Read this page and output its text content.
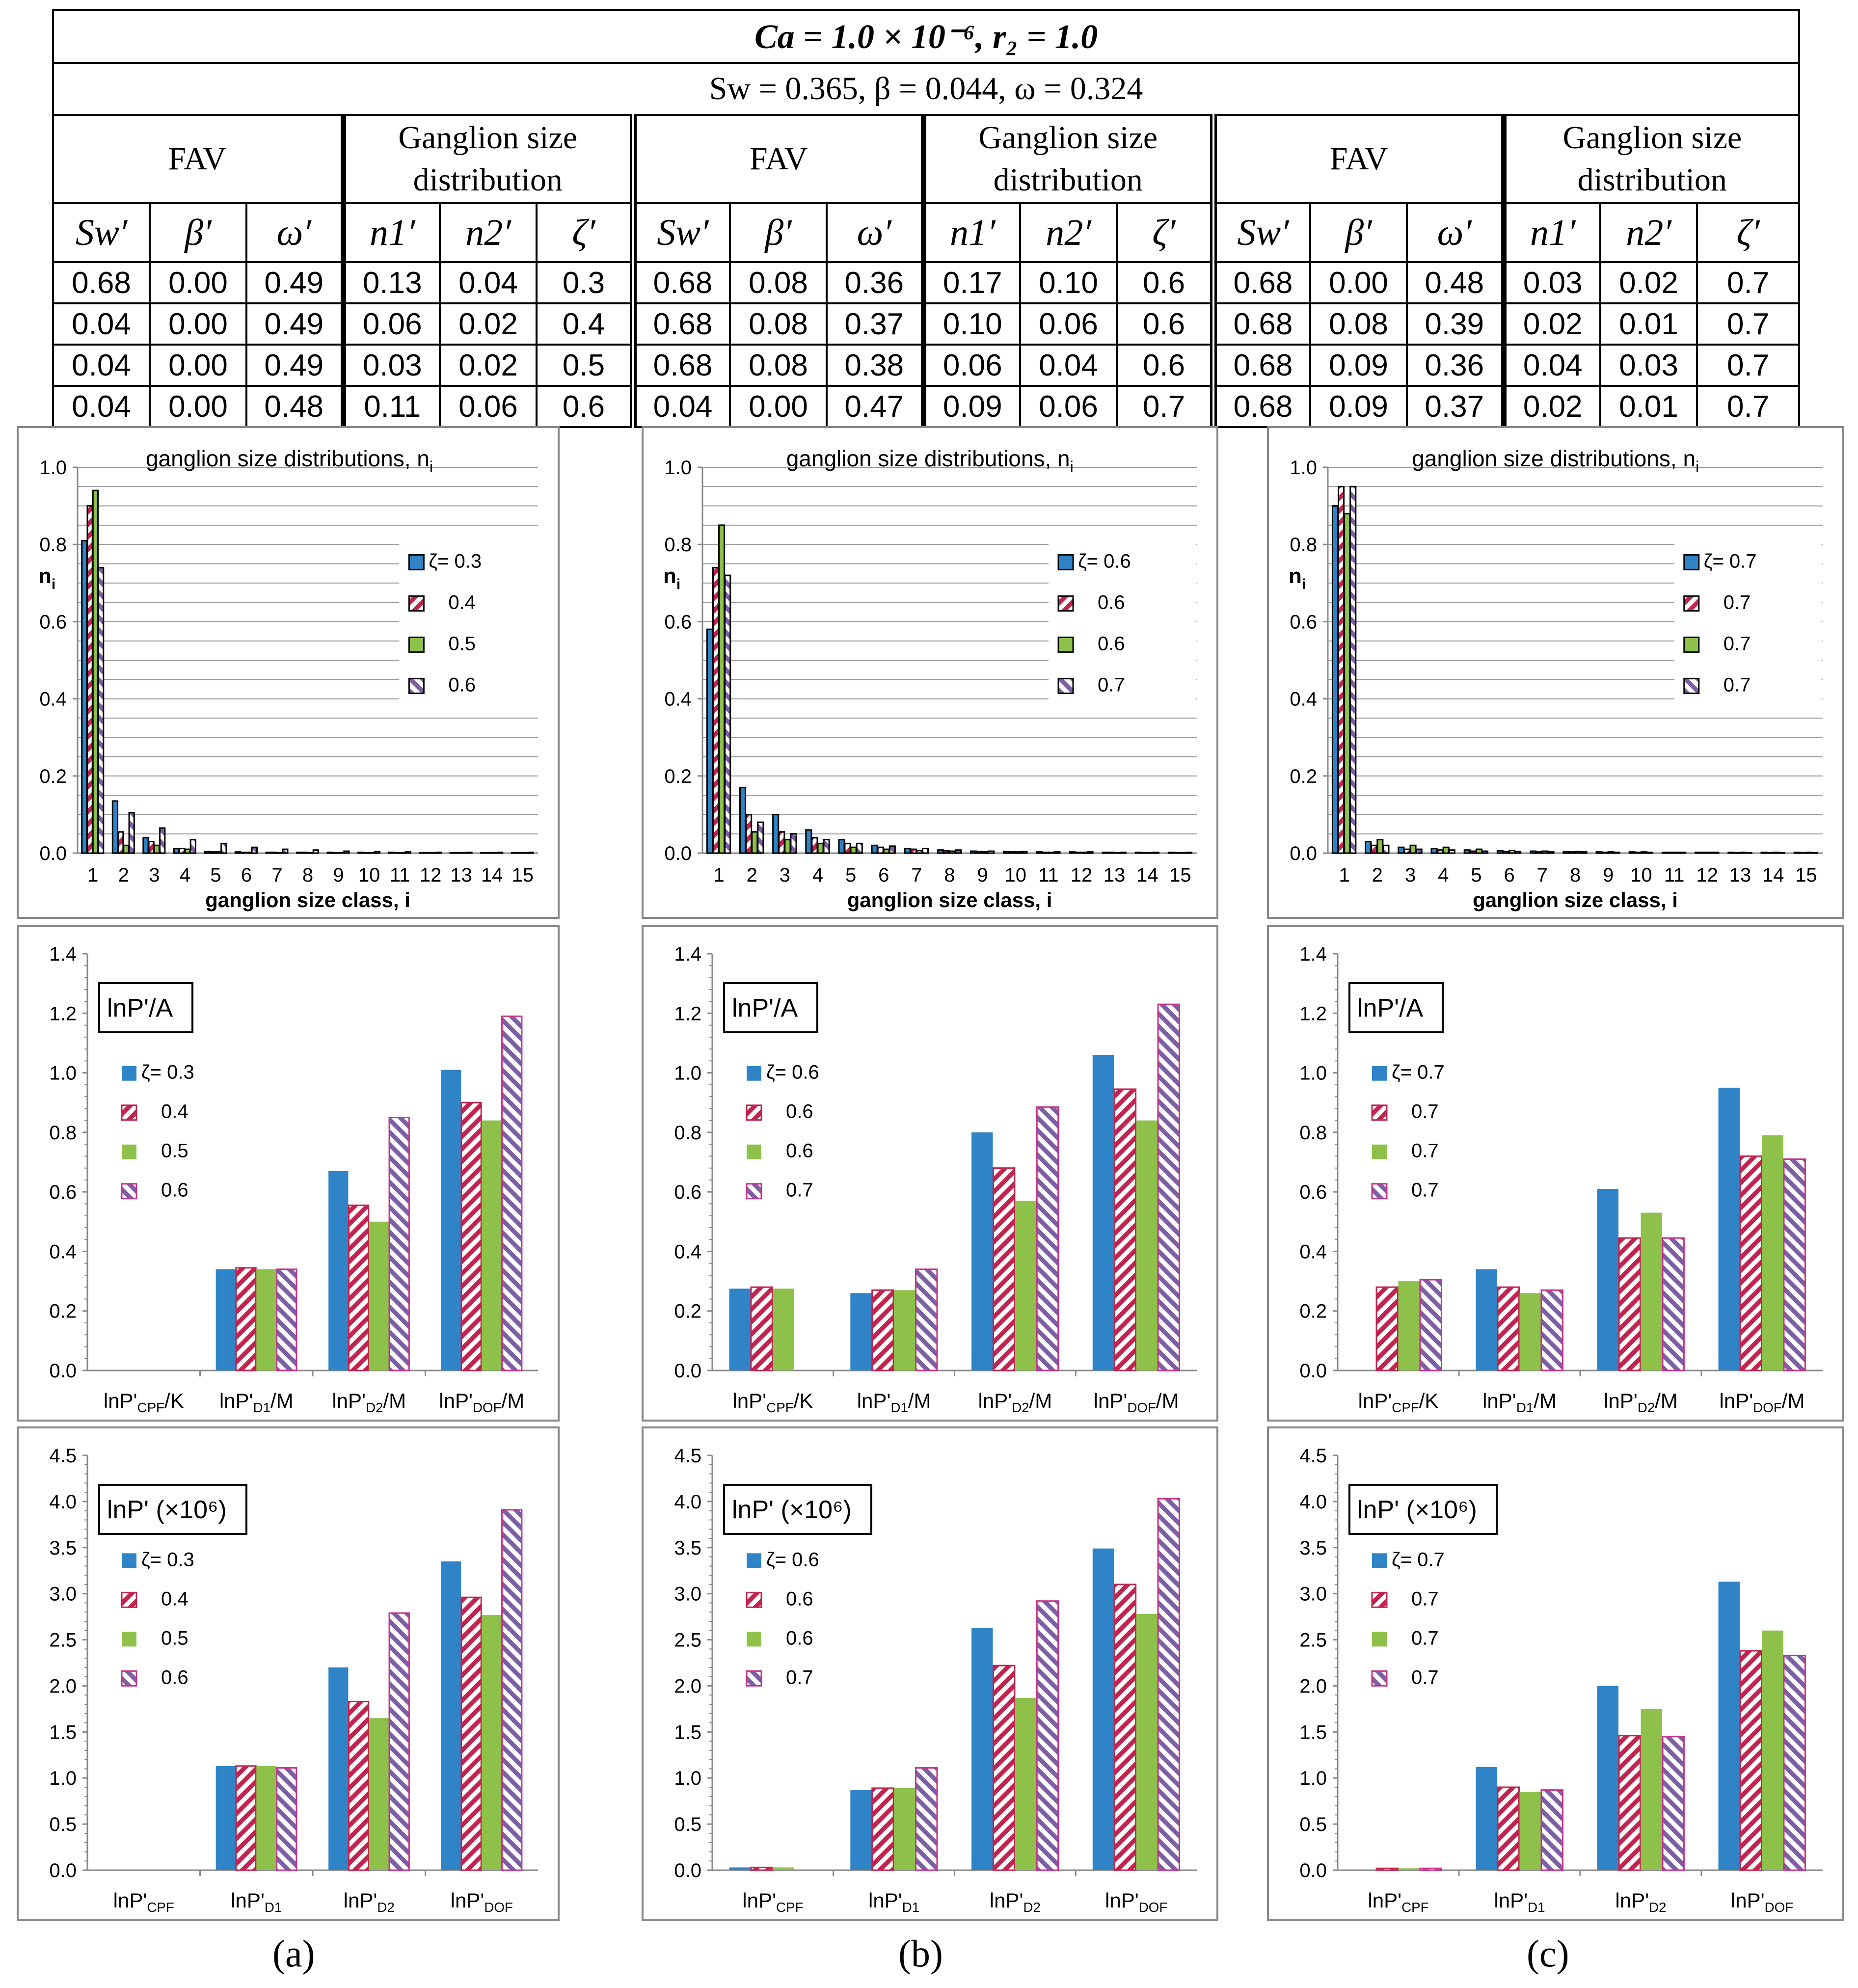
Ca = 1.0 × 10⁻⁶, r₂ = 1.0																	
Sw = 0.365, β = 0.044, ω = 0.324																	
FAV			Ganglion size distribution			FAV			Ganglion size distribution			FAV			Ganglion size distribution		
Sw′	β′	ω′	n1′	n2′	ζ′	Sw′	β′	ω′	n1′	n2′	ζ′	Sw′	β′	ω′	n1′	n2′	ζ′
0.68	0.00	0.49	0.13	0.04	0.3	0.68	0.08	0.36	0.17	0.10	0.6	0.68	0.00	0.48	0.03	0.02	0.7
0.04	0.00	0.49	0.06	0.02	0.4	0.68	0.08	0.37	0.10	0.06	0.6	0.68	0.08	0.39	0.02	0.01	0.7
0.04	0.00	0.49	0.03	0.02	0.5	0.68	0.08	0.38	0.06	0.04	0.6	0.68	0.09	0.36	0.04	0.03	0.7
0.04	0.00	0.48	0.11	0.06	0.6	0.04	0.00	0.47	0.09	0.06	0.7	0.68	0.09	0.37	0.02	0.01	0.7
0.0
0.2
0.4
0.6
0.8
1.0
1 2 3 4 5 6 7 8 9 10 11 12 13 14 15
ganglion size distributions, $n_i$
$n_i$
ganglion size class, i
ζ= 0.3
0.4
0.5
0.6
0.0
0.2
0.4
0.6
0.8
1.0
1 2 3 4 5 6 7 8 9 10 11 12 13 14 15
ganglion size distributions, $n_i$
$n_i$
ganglion size class, i
ζ= 0.6
0.6
0.6
0.7
0.0
0.2
0.4
0.6
0.8
1.0
1 2 3 4 5 6 7 8 9 10 11 12 13 14 15
ganglion size distributions, $n_i$
$n_i$
ganglion size class, i
ζ= 0.7
0.7
0.7
0.7
0.0
0.2
0.4
0.6
0.8
1.0
1.2
1.4
$\ln P'_{CPF}/K$ $\ln P'_{D1}/M$ $\ln P'_{D2}/M$ $\ln P'_{DOF}/M$
lnP'/A
ζ= 0.3
0.4
0.5
0.6
0.0
0.2
0.4
0.6
0.8
1.0
1.2
1.4
$\ln P'_{CPF}/K$ $\ln P'_{D1}/M$ $\ln P'_{D2}/M$ $\ln P'_{DOF}/M$
lnP'/A
ζ= 0.6
0.6
0.6
0.7
0.0
0.2
0.4
0.6
0.8
1.0
1.2
1.4
$\ln P'_{CPF}/K$ $\ln P'_{D1}/M$ $\ln P'_{D2}/M$ $\ln P'_{DOF}/M$
lnP'/A
ζ= 0.7
0.7
0.7
0.7
0.0
0.5
1.0
1.5
2.0
2.5
3.0
3.5
4.0
4.5
$\ln P'_{CPF}$	$\ln P'_{D1}$	$\ln P'_{D2}$	$\ln P'_{DOF}$
lnP' (×10⁶)
ζ= 0.3
0.4
0.5
0.6
0.0
0.5
1.0
1.5
2.0
2.5
3.0
3.5
4.0
4.5
$\ln P'_{CPF}$	$\ln P'_{D1}$	$\ln P'_{D2}$	$\ln P'_{DOF}$
lnP' (×10⁶)
ζ= 0.6
0.6
0.6
0.7
0.0
0.5
1.0
1.5
2.0
2.5
3.0
3.5
4.0
4.5
$\ln P'_{CPF}$	$\ln P'_{D1}$	$\ln P'_{D2}$	$\ln P'_{DOF}$
lnP' (×10⁶)
ζ= 0.7
0.7
0.7
0.7
(a)	(b)	(c)
